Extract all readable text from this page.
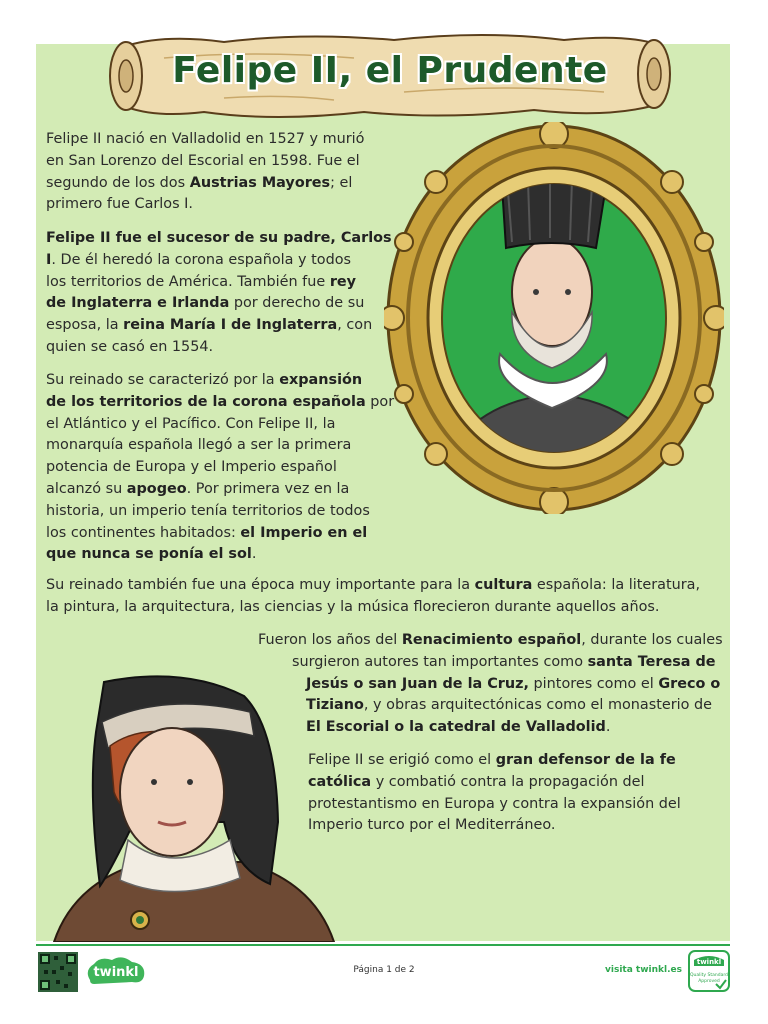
Felipe II, el Prudente
Felipe II nació en Valladolid en 1527 y murió
en San Lorenzo del Escorial en 1598. Fue el
segundo de los dos Austrias Mayores; el
primero fue Carlos I.
Felipe II fue el sucesor de su padre, Carlos
I. De él heredó la corona española y todos
los territorios de América. También fue rey
de Inglaterra e Irlanda por derecho de su
esposa, la reina María I de Inglaterra, con
quien se casó en 1554.
Su reinado se caracterizó por la expansión
de los territorios de la corona española por
el Atlántico y el Pacífico. Con Felipe II, la
monarquía española llegó a ser la primera
potencia de Europa y el Imperio español
alcanzó su apogeo. Por primera vez en la
historia, un imperio tenía territorios de todos
los continentes habitados: el Imperio en el
que nunca se ponía el sol.
Su reinado también fue una época muy importante para la cultura española: la literatura,
la pintura, la arquitectura, las ciencias y la música florecieron durante aquellos años.
Fueron los años del Renacimiento español, durante los cuales
surgieron autores tan importantes como santa Teresa de
Jesús o san Juan de la Cruz, pintores como el Greco o
Tiziano, y obras arquitectónicas como el monasterio de
El Escorial o la catedral de Valladolid.
Felipe II se erigió como el gran defensor de la fe
católica y combatió contra la propagación del
protestantismo en Europa y contra la expansión del
Imperio turco por el Mediterráneo.
twinkl	Página 1 de 2	visita twinkl.es
twinkl
Quality Standard
Approved
